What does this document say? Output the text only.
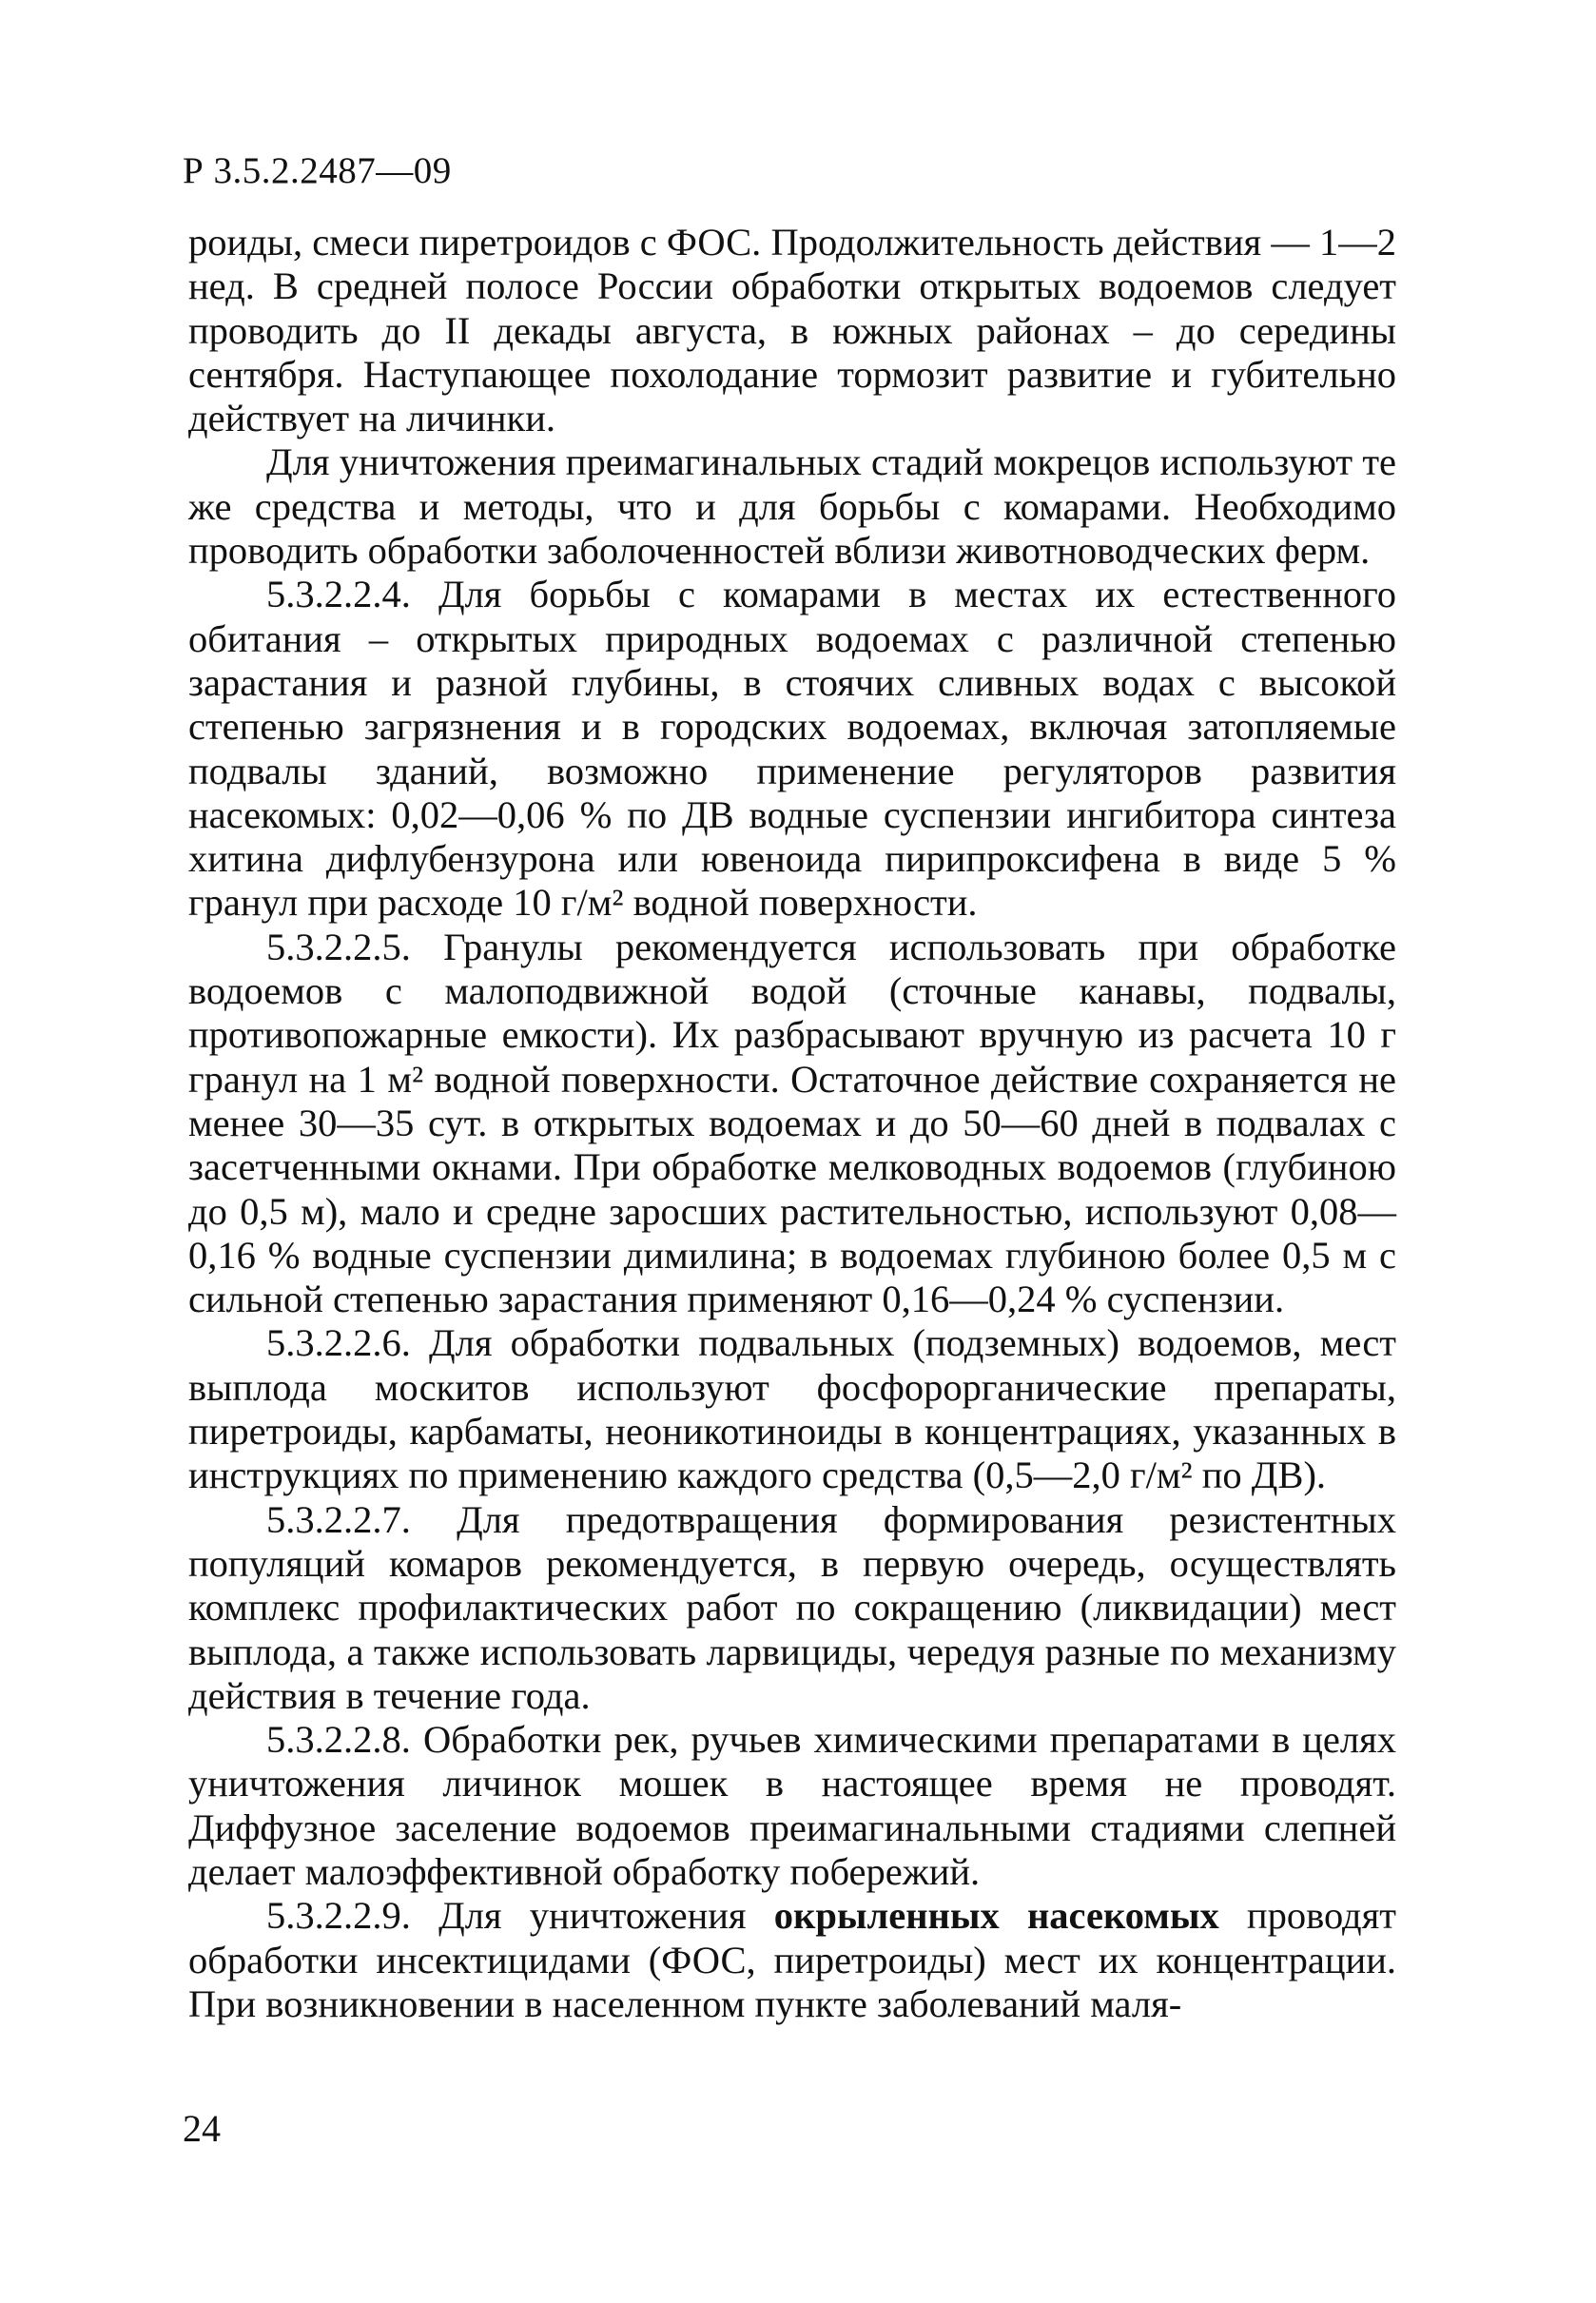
Р 3.5.2.2487—09

роиды, смеси пиретроидов с ФОС. Продолжительность действия — 1—2 нед. В средней полосе России обработки открытых водоемов следует проводить до II декады августа, в южных районах – до середины сентября. Наступающее похолодание тормозит развитие и губительно действует на личинки.

Для уничтожения преимагинальных стадий мокрецов используют те же средства и методы, что и для борьбы с комарами. Необходимо проводить обработки заболоченностей вблизи животноводческих ферм.

5.3.2.2.4. Для борьбы с комарами в местах их естественного обитания – открытых природных водоемах с различной степенью зарастания и разной глубины, в стоячих сливных водах с высокой степенью загрязнения и в городских водоемах, включая затопляемые подвалы зданий, возможно применение регуляторов развития насекомых: 0,02—0,06 % по ДВ водные суспензии ингибитора синтеза хитина дифлубензурона или ювеноида пирипроксифена в виде 5 % гранул при расходе 10 г/м² водной поверхности.

5.3.2.2.5. Гранулы рекомендуется использовать при обработке водоемов с малоподвижной водой (сточные канавы, подвалы, противопожарные емкости). Их разбрасывают вручную из расчета 10 г гранул на 1 м² водной поверхности. Остаточное действие сохраняется не менее 30—35 сут. в открытых водоемах и до 50—60 дней в подвалах с засетченными окнами. При обработке мелководных водоемов (глубиною до 0,5 м), мало и средне заросших растительностью, используют 0,08—0,16 % водные суспензии димилина; в водоемах глубиною более 0,5 м с сильной степенью зарастания применяют 0,16—0,24 % суспензии.

5.3.2.2.6. Для обработки подвальных (подземных) водоемов, мест выплода москитов используют фосфорорганические препараты, пиретроиды, карбаматы, неоникотиноиды в концентрациях, указанных в инструкциях по применению каждого средства (0,5—2,0 г/м² по ДВ).

5.3.2.2.7. Для предотвращения формирования резистентных популяций комаров рекомендуется, в первую очередь, осуществлять комплекс профилактических работ по сокращению (ликвидации) мест выплода, а также использовать ларвициды, чередуя разные по механизму действия в течение года.

5.3.2.2.8. Обработки рек, ручьев химическими препаратами в целях уничтожения личинок мошек в настоящее время не проводят. Диффузное заселение водоемов преимагинальными стадиями слепней делает малоэффективной обработку побережий.

5.3.2.2.9. Для уничтожения окрыленных насекомых проводят обработки инсектицидами (ФОС, пиретроиды) мест их концентрации. При возникновении в населенном пункте заболеваний маля-

24
